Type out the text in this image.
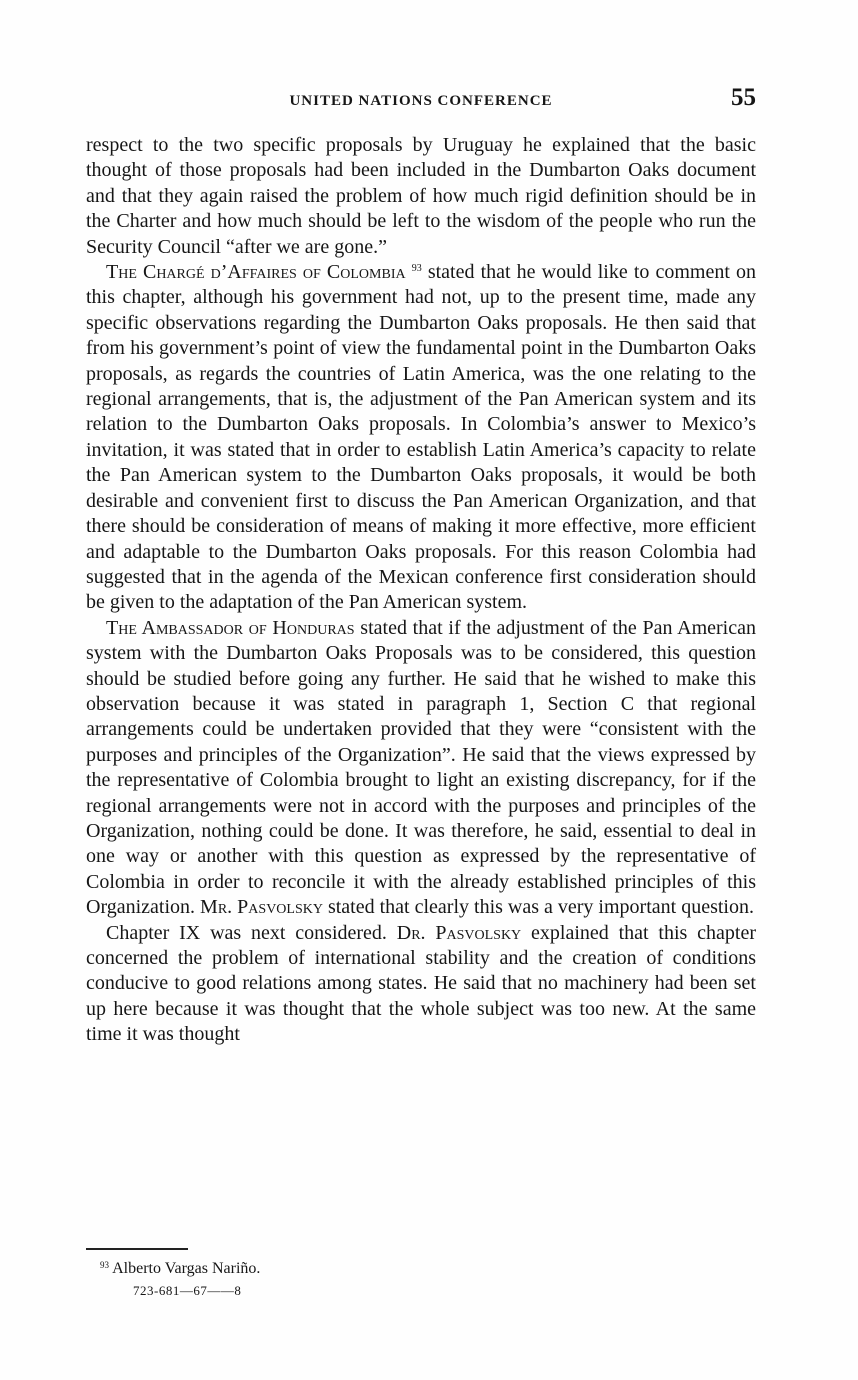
UNITED NATIONS CONFERENCE	55

respect to the two specific proposals by Uruguay he explained that the basic thought of those proposals had been included in the Dumbarton Oaks document and that they again raised the problem of how much rigid definition should be in the Charter and how much should be left to the wisdom of the people who run the Security Council “after we are gone.”

The Chargé d’Affaires of Colombia $^{93}$ stated that he would like to comment on this chapter, although his government had not, up to the present time, made any specific observations regarding the Dumbarton Oaks proposals. He then said that from his government’s point of view the fundamental point in the Dumbarton Oaks proposals, as regards the countries of Latin America, was the one relating to the regional arrangements, that is, the adjustment of the Pan American system and its relation to the Dumbarton Oaks proposals. In Colombia’s answer to Mexico’s invitation, it was stated that in order to establish Latin America’s capacity to relate the Pan American system to the Dumbarton Oaks proposals, it would be both desirable and convenient first to discuss the Pan American Organization, and that there should be consideration of means of making it more effective, more efficient and adaptable to the Dumbarton Oaks proposals. For this reason Colombia had suggested that in the agenda of the Mexican conference first consideration should be given to the adaptation of the Pan American system.

The Ambassador of Honduras stated that if the adjustment of the Pan American system with the Dumbarton Oaks Proposals was to be considered, this question should be studied before going any further. He said that he wished to make this observation because it was stated in paragraph 1, Section C that regional arrangements could be undertaken provided that they were “consistent with the purposes and principles of the Organization”. He said that the views expressed by the representative of Colombia brought to light an existing discrepancy, for if the regional arrangements were not in accord with the purposes and principles of the Organization, nothing could be done. It was therefore, he said, essential to deal in one way or another with this question as expressed by the representative of Colombia in order to reconcile it with the already established principles of this Organization. Mr. Pasvolsky stated that clearly this was a very important question.

Chapter IX was next considered. Dr. Pasvolsky explained that this chapter concerned the problem of international stability and the creation of conditions conducive to good relations among states. He said that no machinery had been set up here because it was thought that the whole subject was too new. At the same time it was thought

$^{93}$ Alberto Vargas Nariño.
723-681—67——8
